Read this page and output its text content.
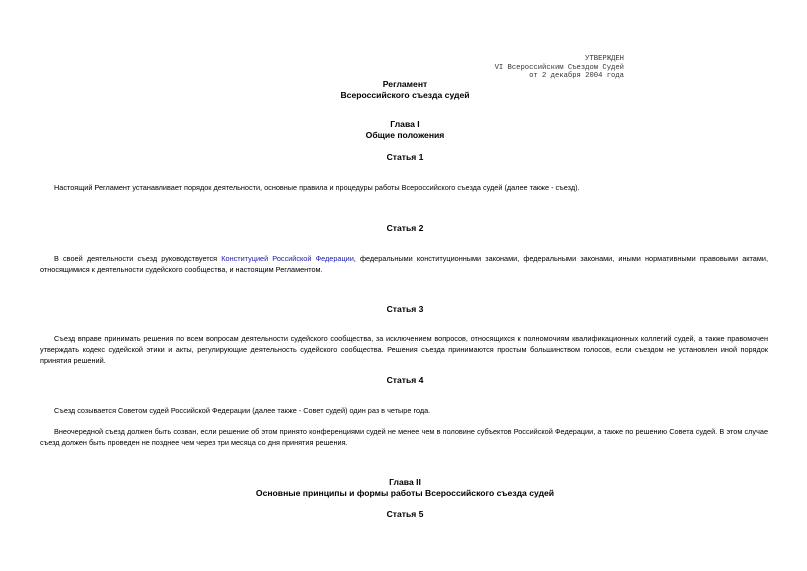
УТВЕРЖДЕН
VI Всероссийским Съездом Судей
от 2 декабря 2004 года
Регламент
Всероссийского съезда судей
Глава I
Общие положения
Статья 1
Настоящий Регламент устанавливает порядок деятельности, основные правила и процедуры работы Всероссийского съезда судей (далее также - съезд).
Статья 2
В своей деятельности съезд руководствуется Конституцией Российской Федерации, федеральными конституционными законами, федеральными законами, иными нормативными правовыми актами, относящимися к деятельности судейского сообщества, и настоящим Регламентом.
Статья 3
Съезд вправе принимать решения по всем вопросам деятельности судейского сообщества, за исключением вопросов, относящихся к полномочиям квалификационных коллегий судей, а также правомочен утверждать кодекс судейской этики и акты, регулирующие деятельность судейского сообщества. Решения съезда принимаются простым большинством голосов, если съездом не установлен иной порядок принятия решений.
Статья 4
Съезд созывается Советом судей Российской Федерации (далее также - Совет судей) один раз в четыре года.
Внеочередной съезд должен быть созван, если решение об этом принято конференциями судей не менее чем в половине субъектов Российской Федерации, а также по решению Совета судей. В этом случае съезд должен быть проведен не позднее чем через три месяца со дня принятия решения.
Глава II
Основные принципы и формы работы Всероссийского съезда судей
Статья 5
